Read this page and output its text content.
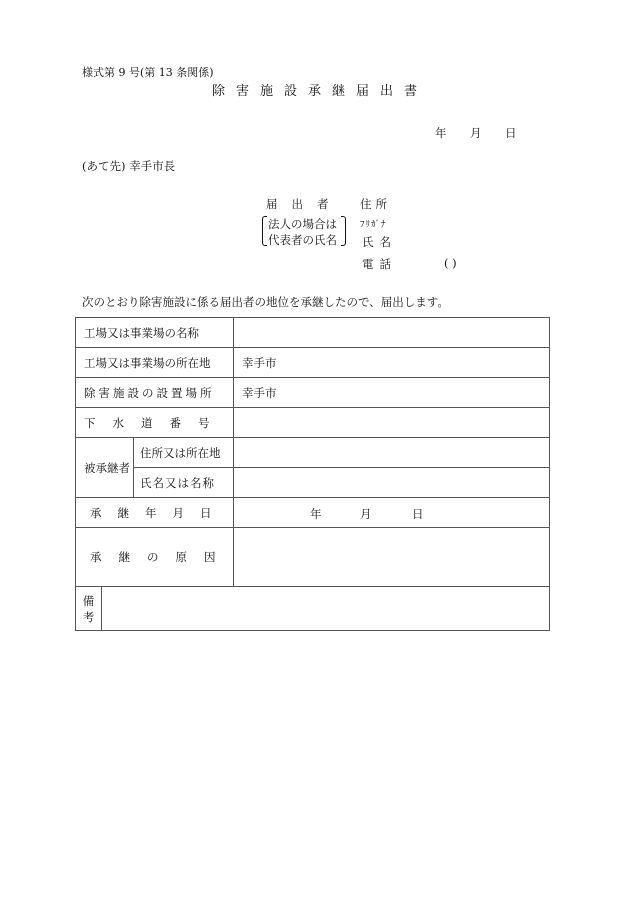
様式第 9 号(第 13 条関係)
除害施設承継届出書
年 月 日
(あて先) 幸手市長
届出者 住所
法人の場合は
代表者の氏名
ﾌﾘｶﾞﾅ
氏名
電話	( )
次のとおり除害施設に係る届出者の地位を承継したので、届出します。
工場又は事業場の名称			
工場又は事業場の所在地			幸手市
除害施設の設置場所			幸手市
下水道番号			
被承継者		住所又は所在地	
		氏名又は名称	
承継年月日			年 月 日

承継の原因			

備
考			
